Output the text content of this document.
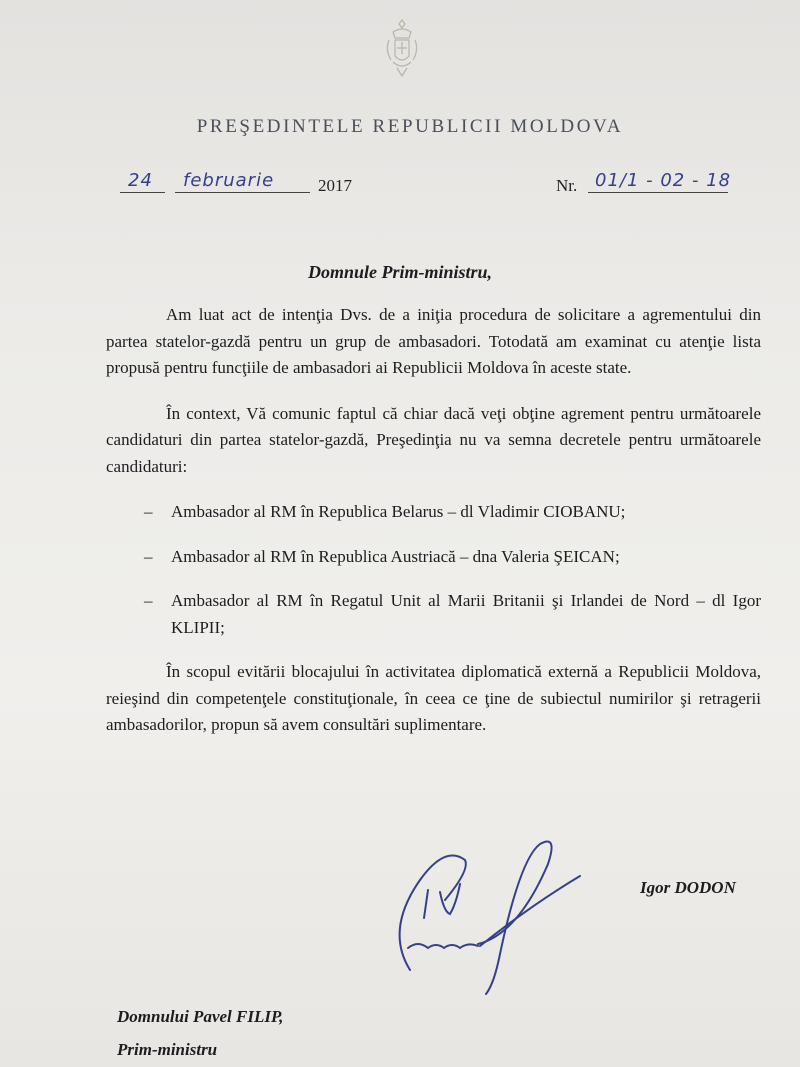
PREŞEDINTELE REPUBLICII MOLDOVA
24 februarie	2017	Nr. 01/1 - 02 - 18
Domnule Prim-ministru,

Am luat act de intenţia Dvs. de a iniţia procedura de solicitare a agrementului din partea statelor-gazdă pentru un grup de ambasadori. Totodată am examinat cu atenţie lista propusă pentru funcţiile de ambasadori ai Republicii Moldova în aceste state.

În context, Vă comunic faptul că chiar dacă veţi obţine agrement pentru următoarele candidaturi din partea statelor-gazdă, Preşedinţia nu va semna decretele pentru următoarele candidaturi:

– Ambasador al RM în Republica Belarus – dl Vladimir CIOBANU;
– Ambasador al RM în Republica Austriacă – dna Valeria ŞEICAN;
– Ambasador al RM în Regatul Unit al Marii Britanii şi Irlandei de Nord – dl Igor KLIPII;

În scopul evitării blocajului în activitatea diplomatică externă a Republicii Moldova, reieşind din competenţele constituţionale, în ceea ce ţine de subiectul numirilor şi retragerii ambasadorilor, propun să avem consultări suplimentare.

Igor DODON
Domnului Pavel FILIP,
Prim-ministru
